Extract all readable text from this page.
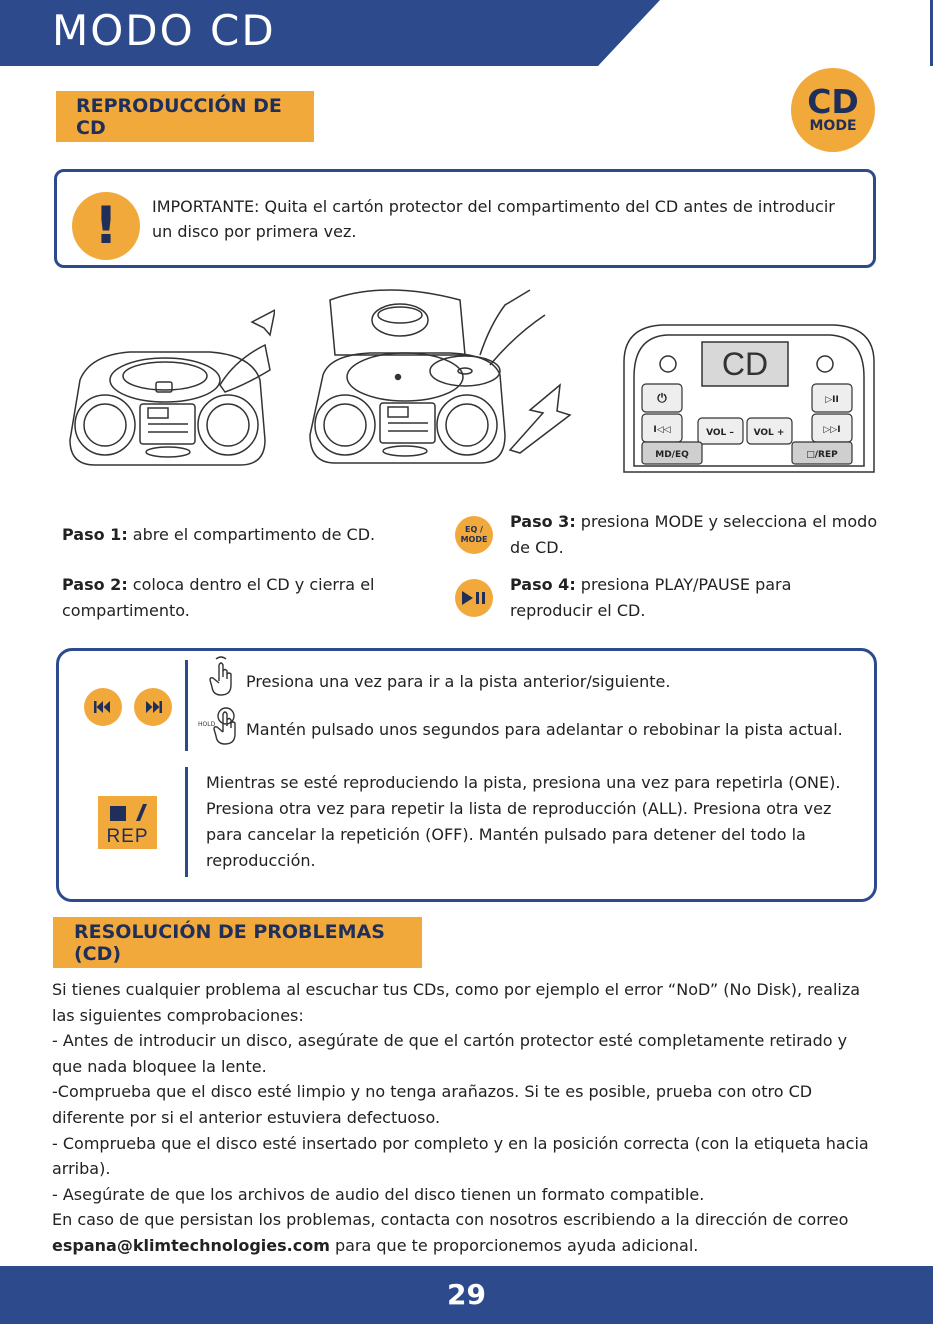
MODO CD
REPRODUCCIÓN DE CD
CD
MODE
!	IMPORTANTE: Quita el cartón protector del compartimento del CD antes de introducir un disco por primera vez.
CD
⏻	▷II
I◁◁	VOL – VOL +	▷▷I
MD/EQ	□/REP
Paso 1: abre el compartimento de CD.
Paso 2: coloca dentro el CD y cierra el compartimento.
EQ /
MODE
Paso 3: presiona MODE y selecciona el modo de CD.
Paso 4: presiona PLAY/PAUSE para reproducir el CD.
Presiona una vez para ir a la pista anterior/siguiente.
HOLD Mantén pulsado unos segundos para adelantar o rebobinar la pista actual.
REP
Mientras se esté reproduciendo la pista, presiona una vez para repetirla (ONE). Presiona otra vez para repetir la lista de reproducción (ALL). Presiona otra vez para cancelar la repetición (OFF). Mantén pulsado para detener del todo la reproducción.
RESOLUCIÓN DE PROBLEMAS (CD)

Si tienes cualquier problema al escuchar tus CDs, como por ejemplo el error “NoD” (No Disk), realiza las siguientes comprobaciones:

- Antes de introducir un disco, asegúrate de que el cartón protector esté completamente retirado y que nada bloquee la lente.

-Comprueba que el disco esté limpio y no tenga arañazos. Si te es posible, prueba con otro CD diferente por si el anterior estuviera defectuoso.

- Comprueba que el disco esté insertado por completo y en la posición correcta (con la etiqueta hacia arriba).

- Asegúrate de que los archivos de audio del disco tienen un formato compatible.

En caso de que persistan los problemas, contacta con nosotros escribiendo a la dirección de correo espana@klimtechnologies.com para que te proporcionemos ayuda adicional.

29
